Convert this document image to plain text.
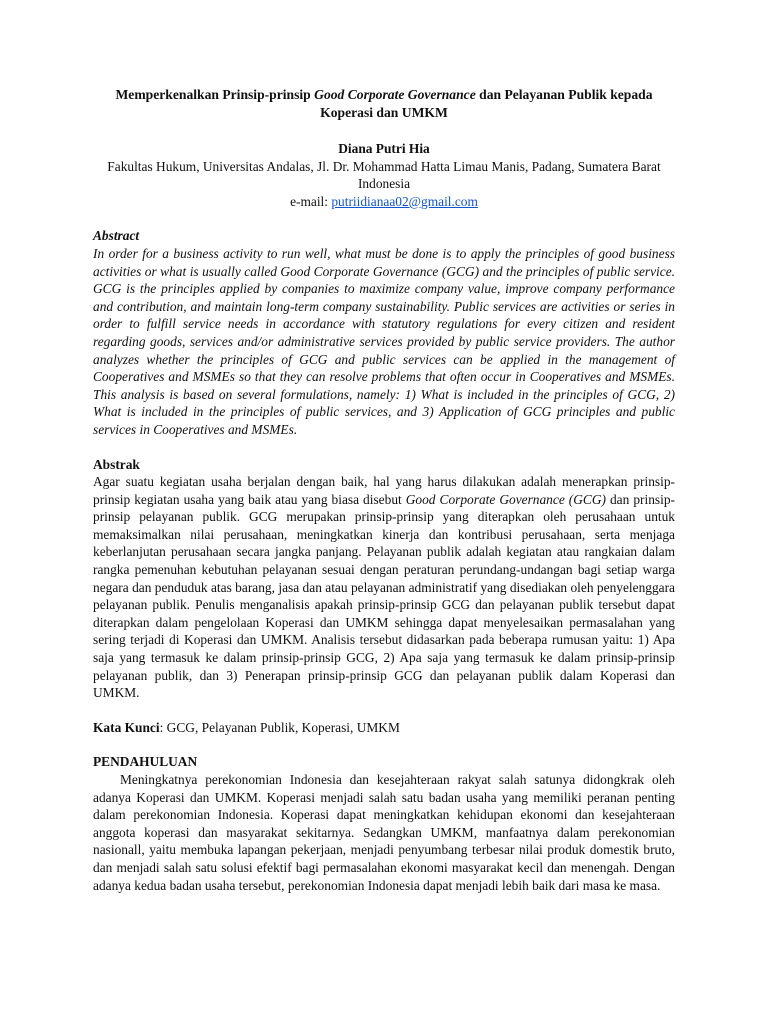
Memperkenalkan Prinsip-prinsip Good Corporate Governance dan Pelayanan Publik kepada Koperasi dan UMKM

Diana Putri Hia
Fakultas Hukum, Universitas Andalas, Jl. Dr. Mohammad Hatta Limau Manis, Padang, Sumatera Barat Indonesia
e-mail: putriidianaa02@gmail.com
Abstract
In order for a business activity to run well, what must be done is to apply the principles of good business activities or what is usually called Good Corporate Governance (GCG) and the principles of public service. GCG is the principles applied by companies to maximize company value, improve company performance and contribution, and maintain long-term company sustainability. Public services are activities or series in order to fulfill service needs in accordance with statutory regulations for every citizen and resident regarding goods, services and/or administrative services provided by public service providers. The author analyzes whether the principles of GCG and public services can be applied in the management of Cooperatives and MSMEs so that they can resolve problems that often occur in Cooperatives and MSMEs. This analysis is based on several formulations, namely: 1) What is included in the principles of GCG, 2) What is included in the principles of public services, and 3) Application of GCG principles and public services in Cooperatives and MSMEs.
Abstrak
Agar suatu kegiatan usaha berjalan dengan baik, hal yang harus dilakukan adalah menerapkan prinsip-prinsip kegiatan usaha yang baik atau yang biasa disebut Good Corporate Governance (GCG) dan prinsip-prinsip pelayanan publik. GCG merupakan prinsip-prinsip yang diterapkan oleh perusahaan untuk memaksimalkan nilai perusahaan, meningkatkan kinerja dan kontribusi perusahaan, serta menjaga keberlanjutan perusahaan secara jangka panjang. Pelayanan publik adalah kegiatan atau rangkaian dalam rangka pemenuhan kebutuhan pelayanan sesuai dengan peraturan perundang-undangan bagi setiap warga negara dan penduduk atas barang, jasa dan atau pelayanan administratif yang disediakan oleh penyelenggara pelayanan publik. Penulis menganalisis apakah prinsip-prinsip GCG dan pelayanan publik tersebut dapat diterapkan dalam pengelolaan Koperasi dan UMKM sehingga dapat menyelesaikan permasalahan yang sering terjadi di Koperasi dan UMKM. Analisis tersebut didasarkan pada beberapa rumusan yaitu: 1) Apa saja yang termasuk ke dalam prinsip-prinsip GCG, 2) Apa saja yang termasuk ke dalam prinsip-prinsip pelayanan publik, dan 3) Penerapan prinsip-prinsip GCG dan pelayanan publik dalam Koperasi dan UMKM.
Kata Kunci: GCG, Pelayanan Publik, Koperasi, UMKM
PENDAHULUAN
Meningkatnya perekonomian Indonesia dan kesejahteraan rakyat salah satunya didongkrak oleh adanya Koperasi dan UMKM. Koperasi menjadi salah satu badan usaha yang memiliki peranan penting dalam perekonomian Indonesia. Koperasi dapat meningkatkan kehidupan ekonomi dan kesejahteraan anggota koperasi dan masyarakat sekitarnya. Sedangkan UMKM, manfaatnya dalam perekonomian nasionall, yaitu membuka lapangan pekerjaan, menjadi penyumbang terbesar nilai produk domestik bruto, dan menjadi salah satu solusi efektif bagi permasalahan ekonomi masyarakat kecil dan menengah. Dengan adanya kedua badan usaha tersebut, perekonomian Indonesia dapat menjadi lebih baik dari masa ke masa.
